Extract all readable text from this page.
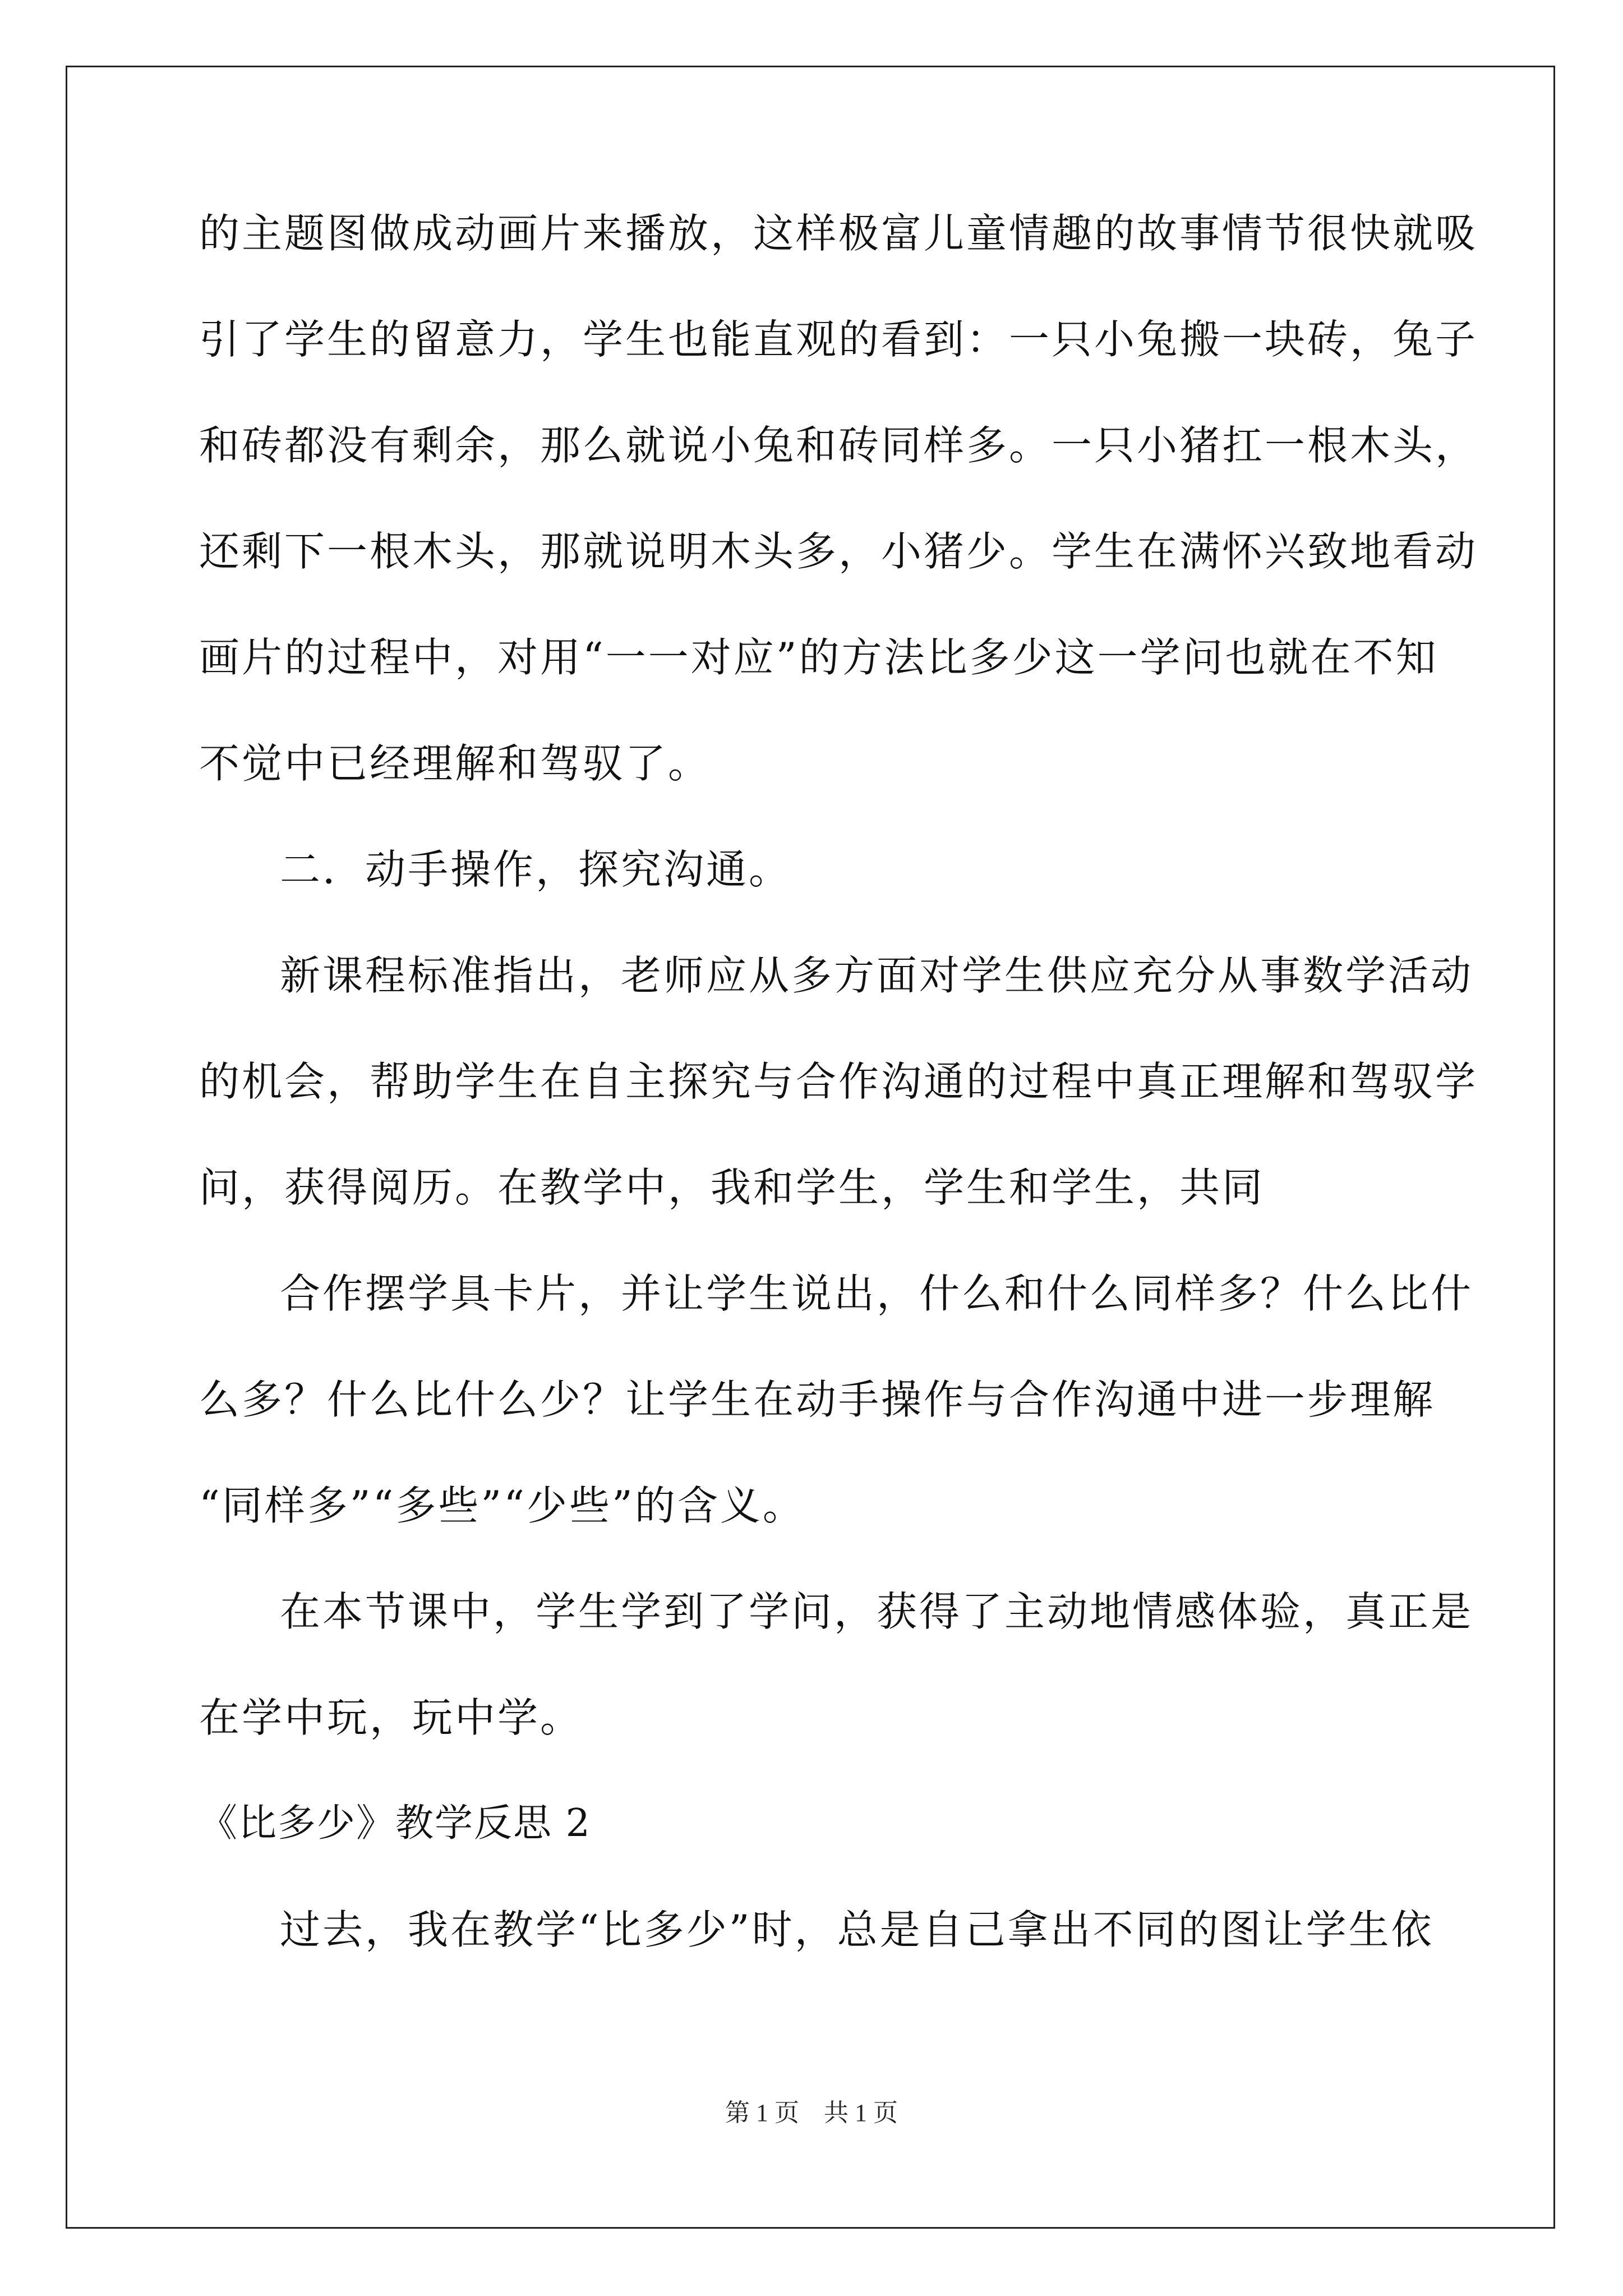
的主题图做成动画片来播放，这样极富儿童情趣的故事情节很快就吸
引了学生的留意力，学生也能直观的看到：一只小兔搬一块砖，兔子
和砖都没有剩余，那么就说小兔和砖同样多。一只小猪扛一根木头，
还剩下一根木头，那就说明木头多，小猪少。学生在满怀兴致地看动
画片的过程中，对用“一一对应”的方法比多少这一学问也就在不知
不觉中已经理解和驾驭了。
二．动手操作，探究沟通。
新课程标准指出，老师应从多方面对学生供应充分从事数学活动
的机会，帮助学生在自主探究与合作沟通的过程中真正理解和驾驭学
问，获得阅历。在教学中，我和学生，学生和学生，共同
合作摆学具卡片，并让学生说出，什么和什么同样多？什么比什
么多？什么比什么少？让学生在动手操作与合作沟通中进一步理解
“同样多”“多些”“少些”的含义。
在本节课中，学生学到了学问，获得了主动地情感体验，真正是
在学中玩，玩中学。
《比多少》教学反思 2
过去，我在教学“比多少”时，总是自己拿出不同的图让学生依
第 1 页　共 1 页
